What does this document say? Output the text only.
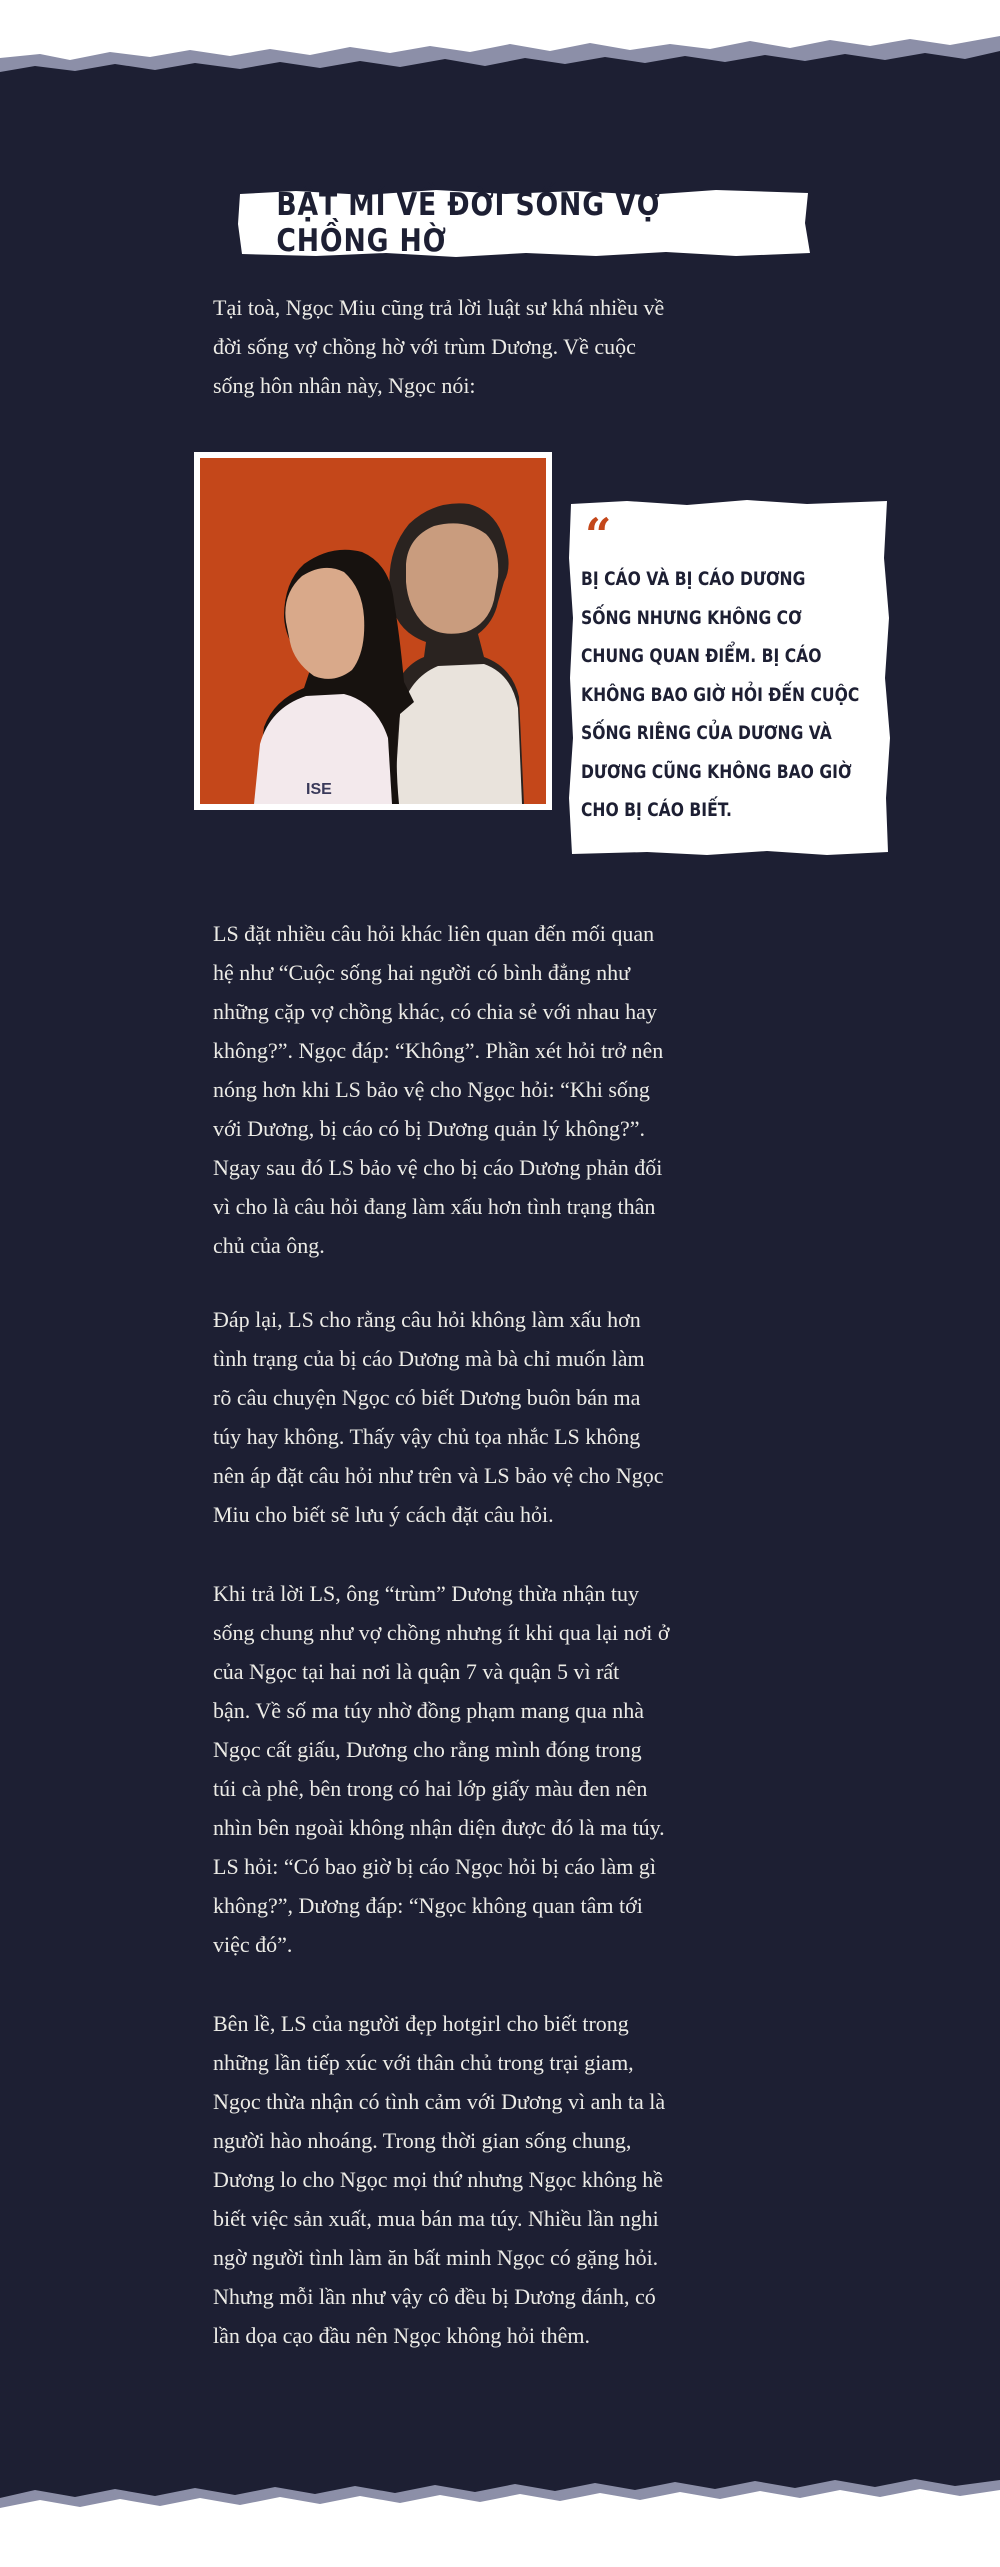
BẬT MÍ VỀ ĐỜI SỐNG VỢ CHỒNG HỜ

Tại toà, Ngọc Miu cũng trả lời luật sư khá nhiều về
đời sống vợ chồng hờ với trùm Dương. Về cuộc
sống hôn nhân này, Ngọc nói:

ISE
“

BỊ CÁO VÀ BỊ CÁO DƯƠNG
SỐNG NHƯNG KHÔNG CƠ
CHUNG QUAN ĐIỂM. BỊ CÁO
KHÔNG BAO GIỜ HỎI ĐẾN CUỘC
SỐNG RIÊNG CỦA DƯƠNG VÀ
DƯƠNG CŨNG KHÔNG BAO GIỜ
CHO BỊ CÁO BIẾT.

LS đặt nhiều câu hỏi khác liên quan đến mối quan
hệ như “Cuộc sống hai người có bình đẳng như
những cặp vợ chồng khác, có chia sẻ với nhau hay
không?”. Ngọc đáp: “Không”. Phần xét hỏi trở nên
nóng hơn khi LS bảo vệ cho Ngọc hỏi: “Khi sống
với Dương, bị cáo có bị Dương quản lý không?”.
Ngay sau đó LS bảo vệ cho bị cáo Dương phản đối
vì cho là câu hỏi đang làm xấu hơn tình trạng thân
chủ của ông.

Đáp lại, LS cho rằng câu hỏi không làm xấu hơn
tình trạng của bị cáo Dương mà bà chỉ muốn làm
rõ câu chuyện Ngọc có biết Dương buôn bán ma
túy hay không. Thấy vậy chủ tọa nhắc LS không
nên áp đặt câu hỏi như trên và LS bảo vệ cho Ngọc
Miu cho biết sẽ lưu ý cách đặt câu hỏi.

Khi trả lời LS, ông “trùm” Dương thừa nhận tuy
sống chung như vợ chồng nhưng ít khi qua lại nơi ở
của Ngọc tại hai nơi là quận 7 và quận 5 vì rất
bận. Về số ma túy nhờ đồng phạm mang qua nhà
Ngọc cất giấu, Dương cho rằng mình đóng trong
túi cà phê, bên trong có hai lớp giấy màu đen nên
nhìn bên ngoài không nhận diện được đó là ma túy.
LS hỏi: “Có bao giờ bị cáo Ngọc hỏi bị cáo làm gì
không?”, Dương đáp: “Ngọc không quan tâm tới
việc đó”.

Bên lề, LS của người đẹp hotgirl cho biết trong
những lần tiếp xúc với thân chủ trong trại giam,
Ngọc thừa nhận có tình cảm với Dương vì anh ta là
người hào nhoáng. Trong thời gian sống chung,
Dương lo cho Ngọc mọi thứ nhưng Ngọc không hề
biết việc sản xuất, mua bán ma túy. Nhiều lần nghi
ngờ người tình làm ăn bất minh Ngọc có gặng hỏi.
Nhưng mỗi lần như vậy cô đều bị Dương đánh, có
lần dọa cạo đầu nên Ngọc không hỏi thêm.
